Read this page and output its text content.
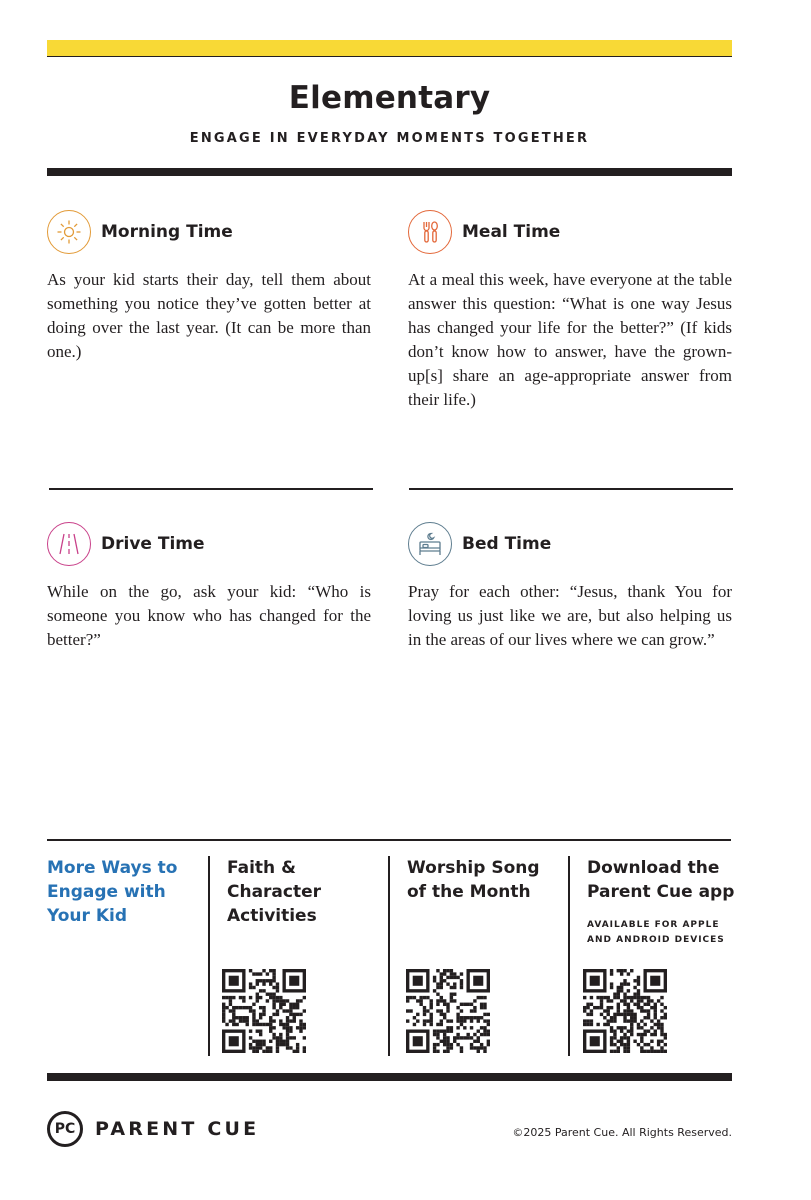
Elementary
ENGAGE IN EVERYDAY MOMENTS TOGETHER
Morning Time
As your kid starts their day, tell them about something you notice they’ve gotten better at doing over the last year. (It can be more than one.)
Meal Time
At a meal this week, have everyone at the table answer this question: “What is one way Jesus has changed your life for the better?” (If kids don’t know how to answer, have the grown-up[s] share an age-appropriate answer from their life.)
Drive Time
While on the go, ask your kid: “Who is someone you know who has changed for the better?”
Bed Time
Pray for each other: “Jesus, thank You for loving us just like we are, but also helping us in the areas of our lives where we can grow.”
More Ways to Engage with Your Kid
Faith & Character Activities
Worship Song of the Month
Download the Parent Cue app
AVAILABLE FOR APPLE AND ANDROID DEVICES
PC	PARENT CUE	©2025 Parent Cue. All Rights Reserved.
